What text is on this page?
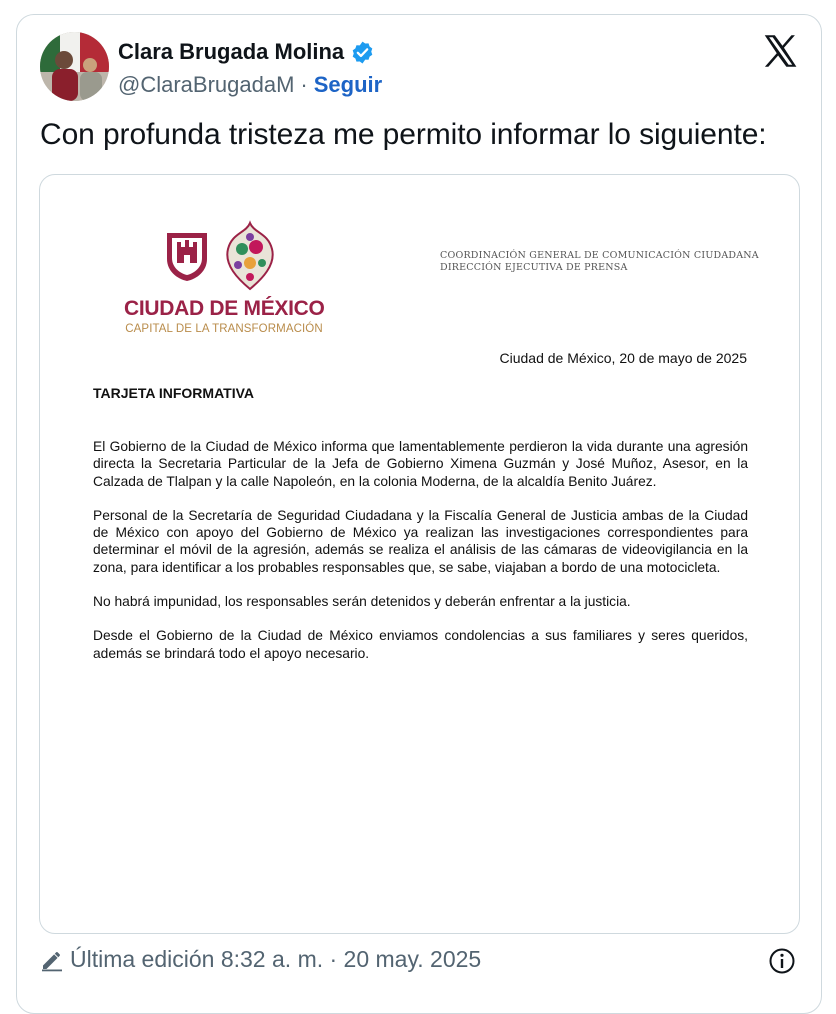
Clara Brugada Molina
@ClaraBrugadaM · Seguir
Con profunda tristeza me permito informar lo siguiente:
CIUDAD DE MÉXICO
CAPITAL DE LA TRANSFORMACIÓN
COORDINACIÓN GENERAL DE COMUNICACIÓN CIUDADANA
DIRECCIÓN EJECUTIVA DE PRENSA
Ciudad de México, 20 de mayo de 2025
TARJETA INFORMATIVA

El Gobierno de la Ciudad de México informa que lamentablemente perdieron la vida durante una agresión directa la Secretaria Particular de la Jefa de Gobierno Ximena Guzmán y José Muñoz, Asesor, en la Calzada de Tlalpan y la calle Napoleón, en la colonia Moderna, de la alcaldía Benito Juárez.

Personal de la Secretaría de Seguridad Ciudadana y la Fiscalía General de Justicia ambas de la Ciudad de México con apoyo del Gobierno de México ya realizan las investigaciones correspondientes para determinar el móvil de la agresión, además se realiza el análisis de las cámaras de videovigilancia en la zona, para identificar a los probables responsables que, se sabe, viajaban a bordo de una motocicleta.

No habrá impunidad, los responsables serán detenidos y deberán enfrentar a la justicia.

Desde el Gobierno de la Ciudad de México enviamos condolencias a sus familiares y seres queridos, además se brindará todo el apoyo necesario.

Última edición 8:32 a. m. · 20 may. 2025
